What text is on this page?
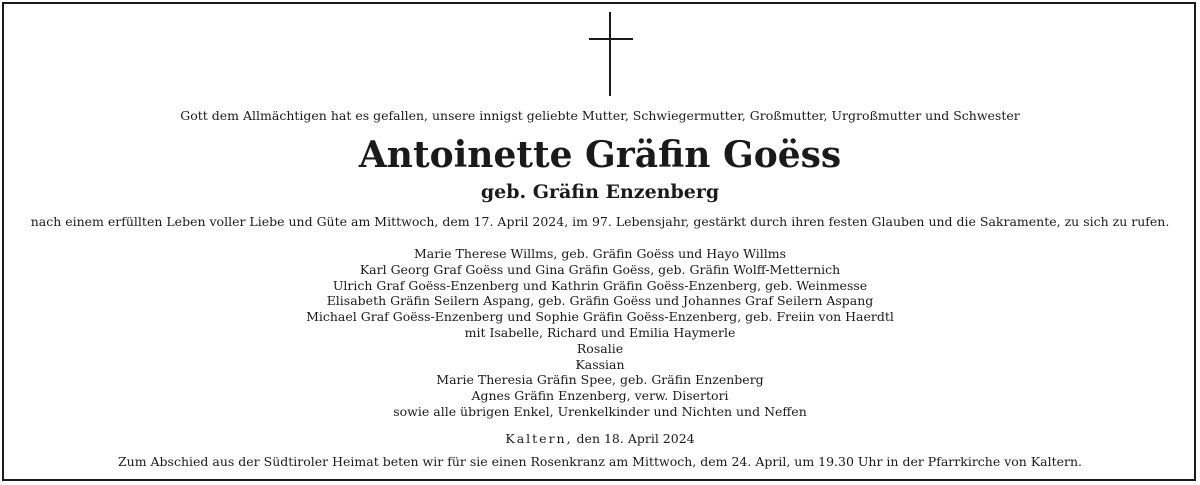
Gott dem Allmächtigen hat es gefallen, unsere innigst geliebte Mutter, Schwiegermutter, Großmutter, Urgroßmutter und Schwester
Antoinette Gräfin Goëss
geb. Gräfin Enzenberg
nach einem erfüllten Leben voller Liebe und Güte am Mittwoch, dem 17. April 2024, im 97. Lebensjahr, gestärkt durch ihren festen Glauben und die Sakramente, zu sich zu rufen.
Marie Therese Willms, geb. Gräfin Goëss und Hayo Willms
Karl Georg Graf Goëss und Gina Gräfin Goëss, geb. Gräfin Wolff-Metternich
Ulrich Graf Goëss-Enzenberg und Kathrin Gräfin Goëss-Enzenberg, geb. Weinmesse
Elisabeth Gräfin Seilern Aspang, geb. Gräfin Goëss und Johannes Graf Seilern Aspang
Michael Graf Goëss-Enzenberg und Sophie Gräfin Goëss-Enzenberg, geb. Freiin von Haerdtl
mit Isabelle, Richard und Emilia Haymerle
Rosalie
Kassian
Marie Theresia Gräfin Spee, geb. Gräfin Enzenberg
Agnes Gräfin Enzenberg, verw. Disertori
sowie alle übrigen Enkel, Urenkelkinder und Nichten und Neffen
Kaltern, den 18. April 2024
Zum Abschied aus der Südtiroler Heimat beten wir für sie einen Rosenkranz am Mittwoch, dem 24. April, um 19.30 Uhr in der Pfarrkirche von Kaltern.
